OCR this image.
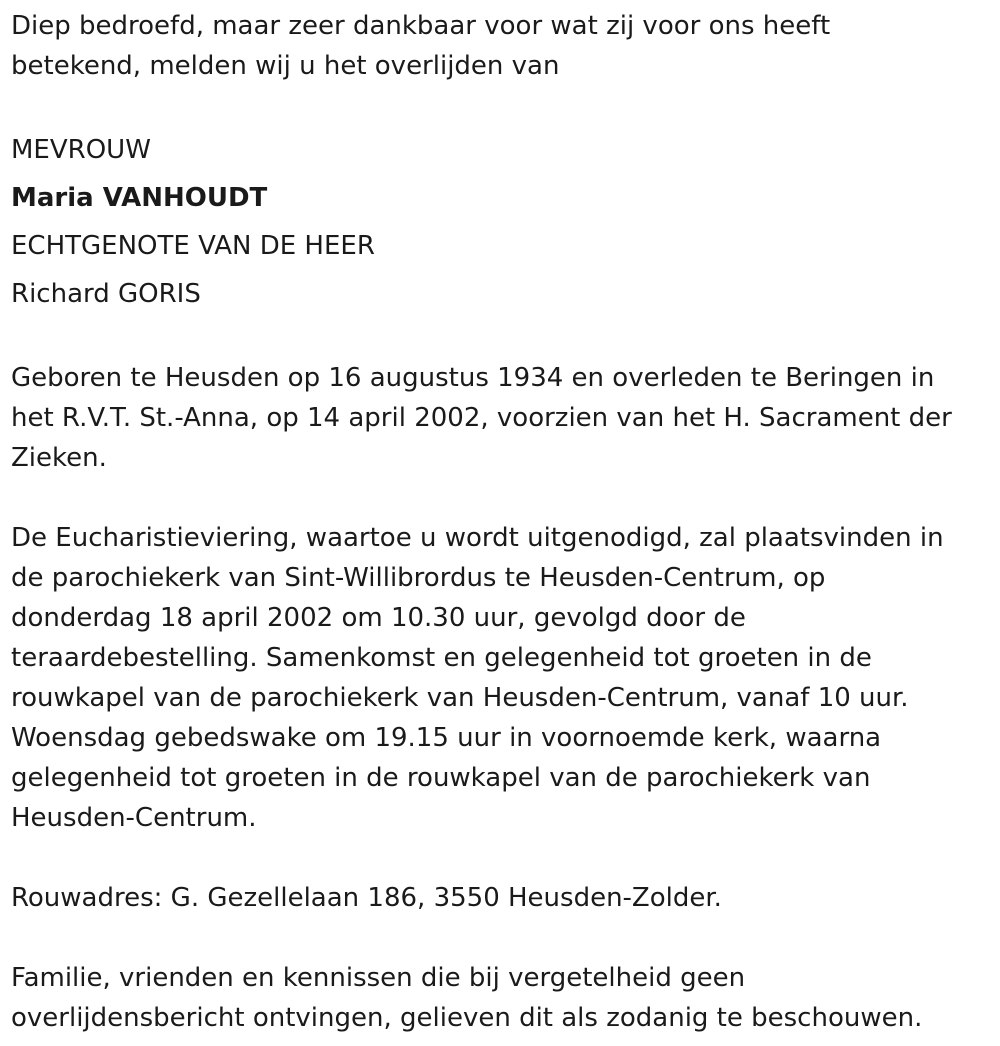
Diep bedroefd, maar zeer dankbaar voor wat zij voor ons heeft
betekend, melden wij u het overlijden van
MEVROUW
Maria VANHOUDT
ECHTGENOTE VAN DE HEER
Richard GORIS
Geboren te Heusden op 16 augustus 1934 en overleden te Beringen in
het R.V.T. St.-Anna, op 14 april 2002, voorzien van het H. Sacrament der
Zieken.
De Eucharistieviering, waartoe u wordt uitgenodigd, zal plaatsvinden in
de parochiekerk van Sint-Willibrordus te Heusden-Centrum, op
donderdag 18 april 2002 om 10.30 uur, gevolgd door de
teraardebestelling. Samenkomst en gelegenheid tot groeten in de
rouwkapel van de parochiekerk van Heusden-Centrum, vanaf 10 uur.
Woensdag gebedswake om 19.15 uur in voornoemde kerk, waarna
gelegenheid tot groeten in de rouwkapel van de parochiekerk van
Heusden-Centrum.
Rouwadres: G. Gezellelaan 186, 3550 Heusden-Zolder.
Familie, vrienden en kennissen die bij vergetelheid geen
overlijdensbericht ontvingen, gelieven dit als zodanig te beschouwen.
